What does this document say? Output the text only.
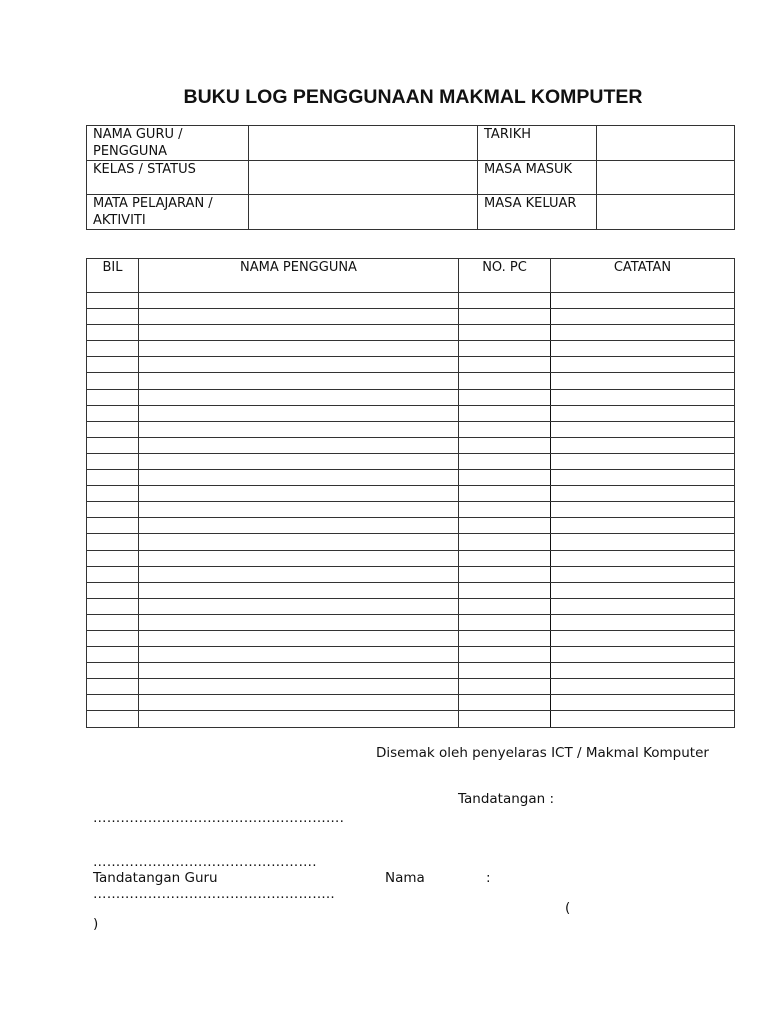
BUKU LOG PENGGUNAAN MAKMAL KOMPUTER
NAMA GURU / PENGGUNA		TARIKH	
KELAS / STATUS		MASA MASUK	
MATA PELAJARAN / AKTIVITI		MASA KELUAR	
BIL	NAMA PENGGUNA	NO. PC	CATATAN

Disemak oleh penyelaras ICT / Makmal Komputer
Tandatangan :
……………………………………………….
………………………………………….
Tandatangan Guru	Nama	:
……………………………………………..
(
)
